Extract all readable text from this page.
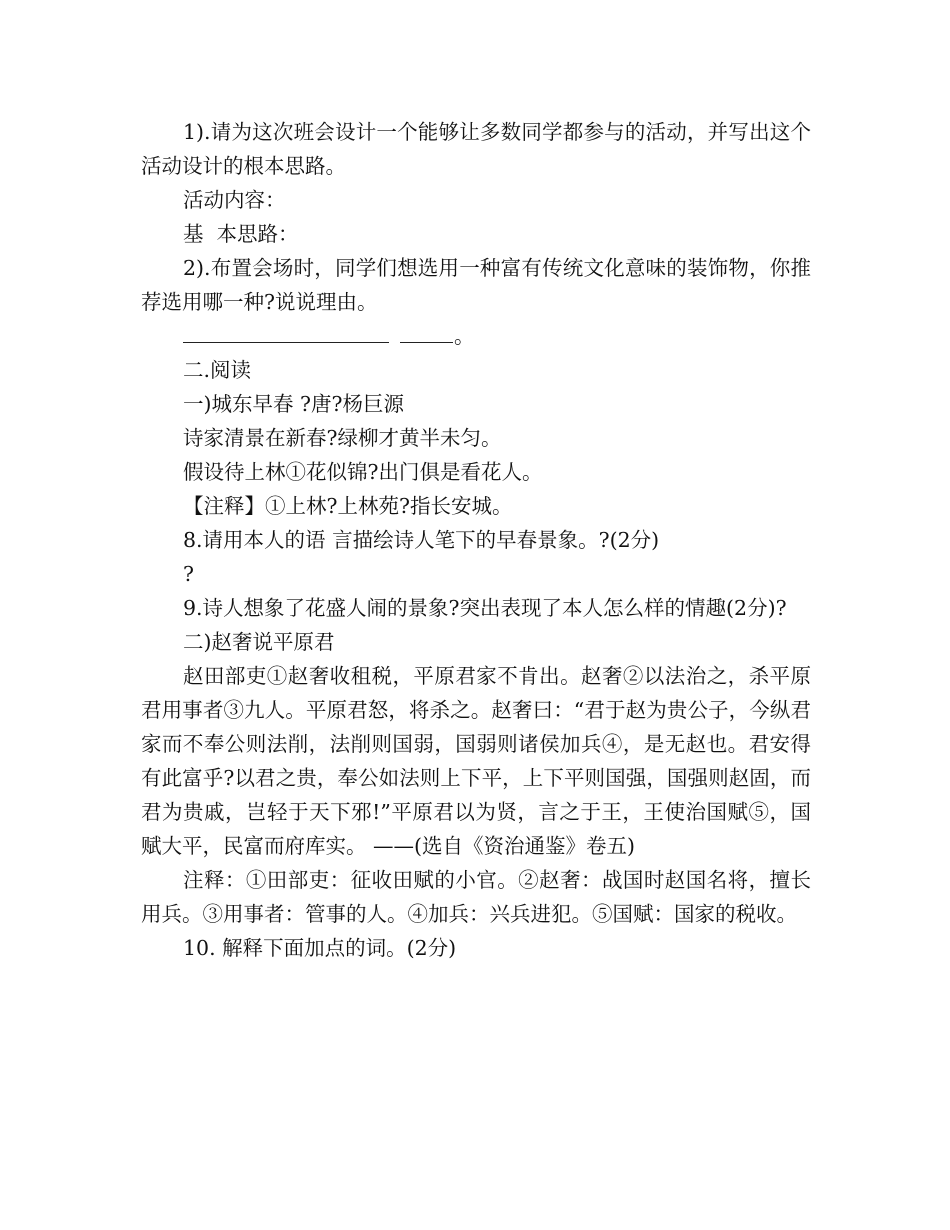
1).请为这次班会设计一个能够让多数同学都参与的活动，并写出这个活动设计的根本思路。

活动内容：

基  本思路：

2).布置会场时，同学们想选用一种富有传统文化意味的装饰物，你推荐选用哪一种?说说理由。

。

二.阅读

一)城东早春 ?唐?杨巨源

诗家清景在新春?绿柳才黄半未匀。

假设待上林①花似锦?出门俱是看花人。

【注释】①上林?上林苑?指长安城。

8.请用本人的语 言描绘诗人笔下的早春景象。?(2分)

?

9.诗人想象了花盛人闹的景象?突出表现了本人怎么样的情趣(2分)?

二)赵奢说平原君

赵田部吏①赵奢收租税，平原君家不肯出。赵奢②以法治之，杀平原君用事者③九人。平原君怒，将杀之。赵奢曰：“君于赵为贵公子，今纵君家而不奉公则法削，法削则国弱，国弱则诸侯加兵④，是无赵也。君安得有此富乎?以君之贵，奉公如法则上下平，上下平则国强，国强则赵固，而君为贵戚，岂轻于天下邪!”平原君以为贤，言之于王，王使治国赋⑤，国赋大平，民富而府库实。 ——(选自《资治通鉴》卷五)

注释：①田部吏：征收田赋的小官。②赵奢：战国时赵国名将，擅长用兵。③用事者：管事的人。④加兵：兴兵进犯。⑤国赋：国家的税收。

10. 解释下面加点的词。(2分)
